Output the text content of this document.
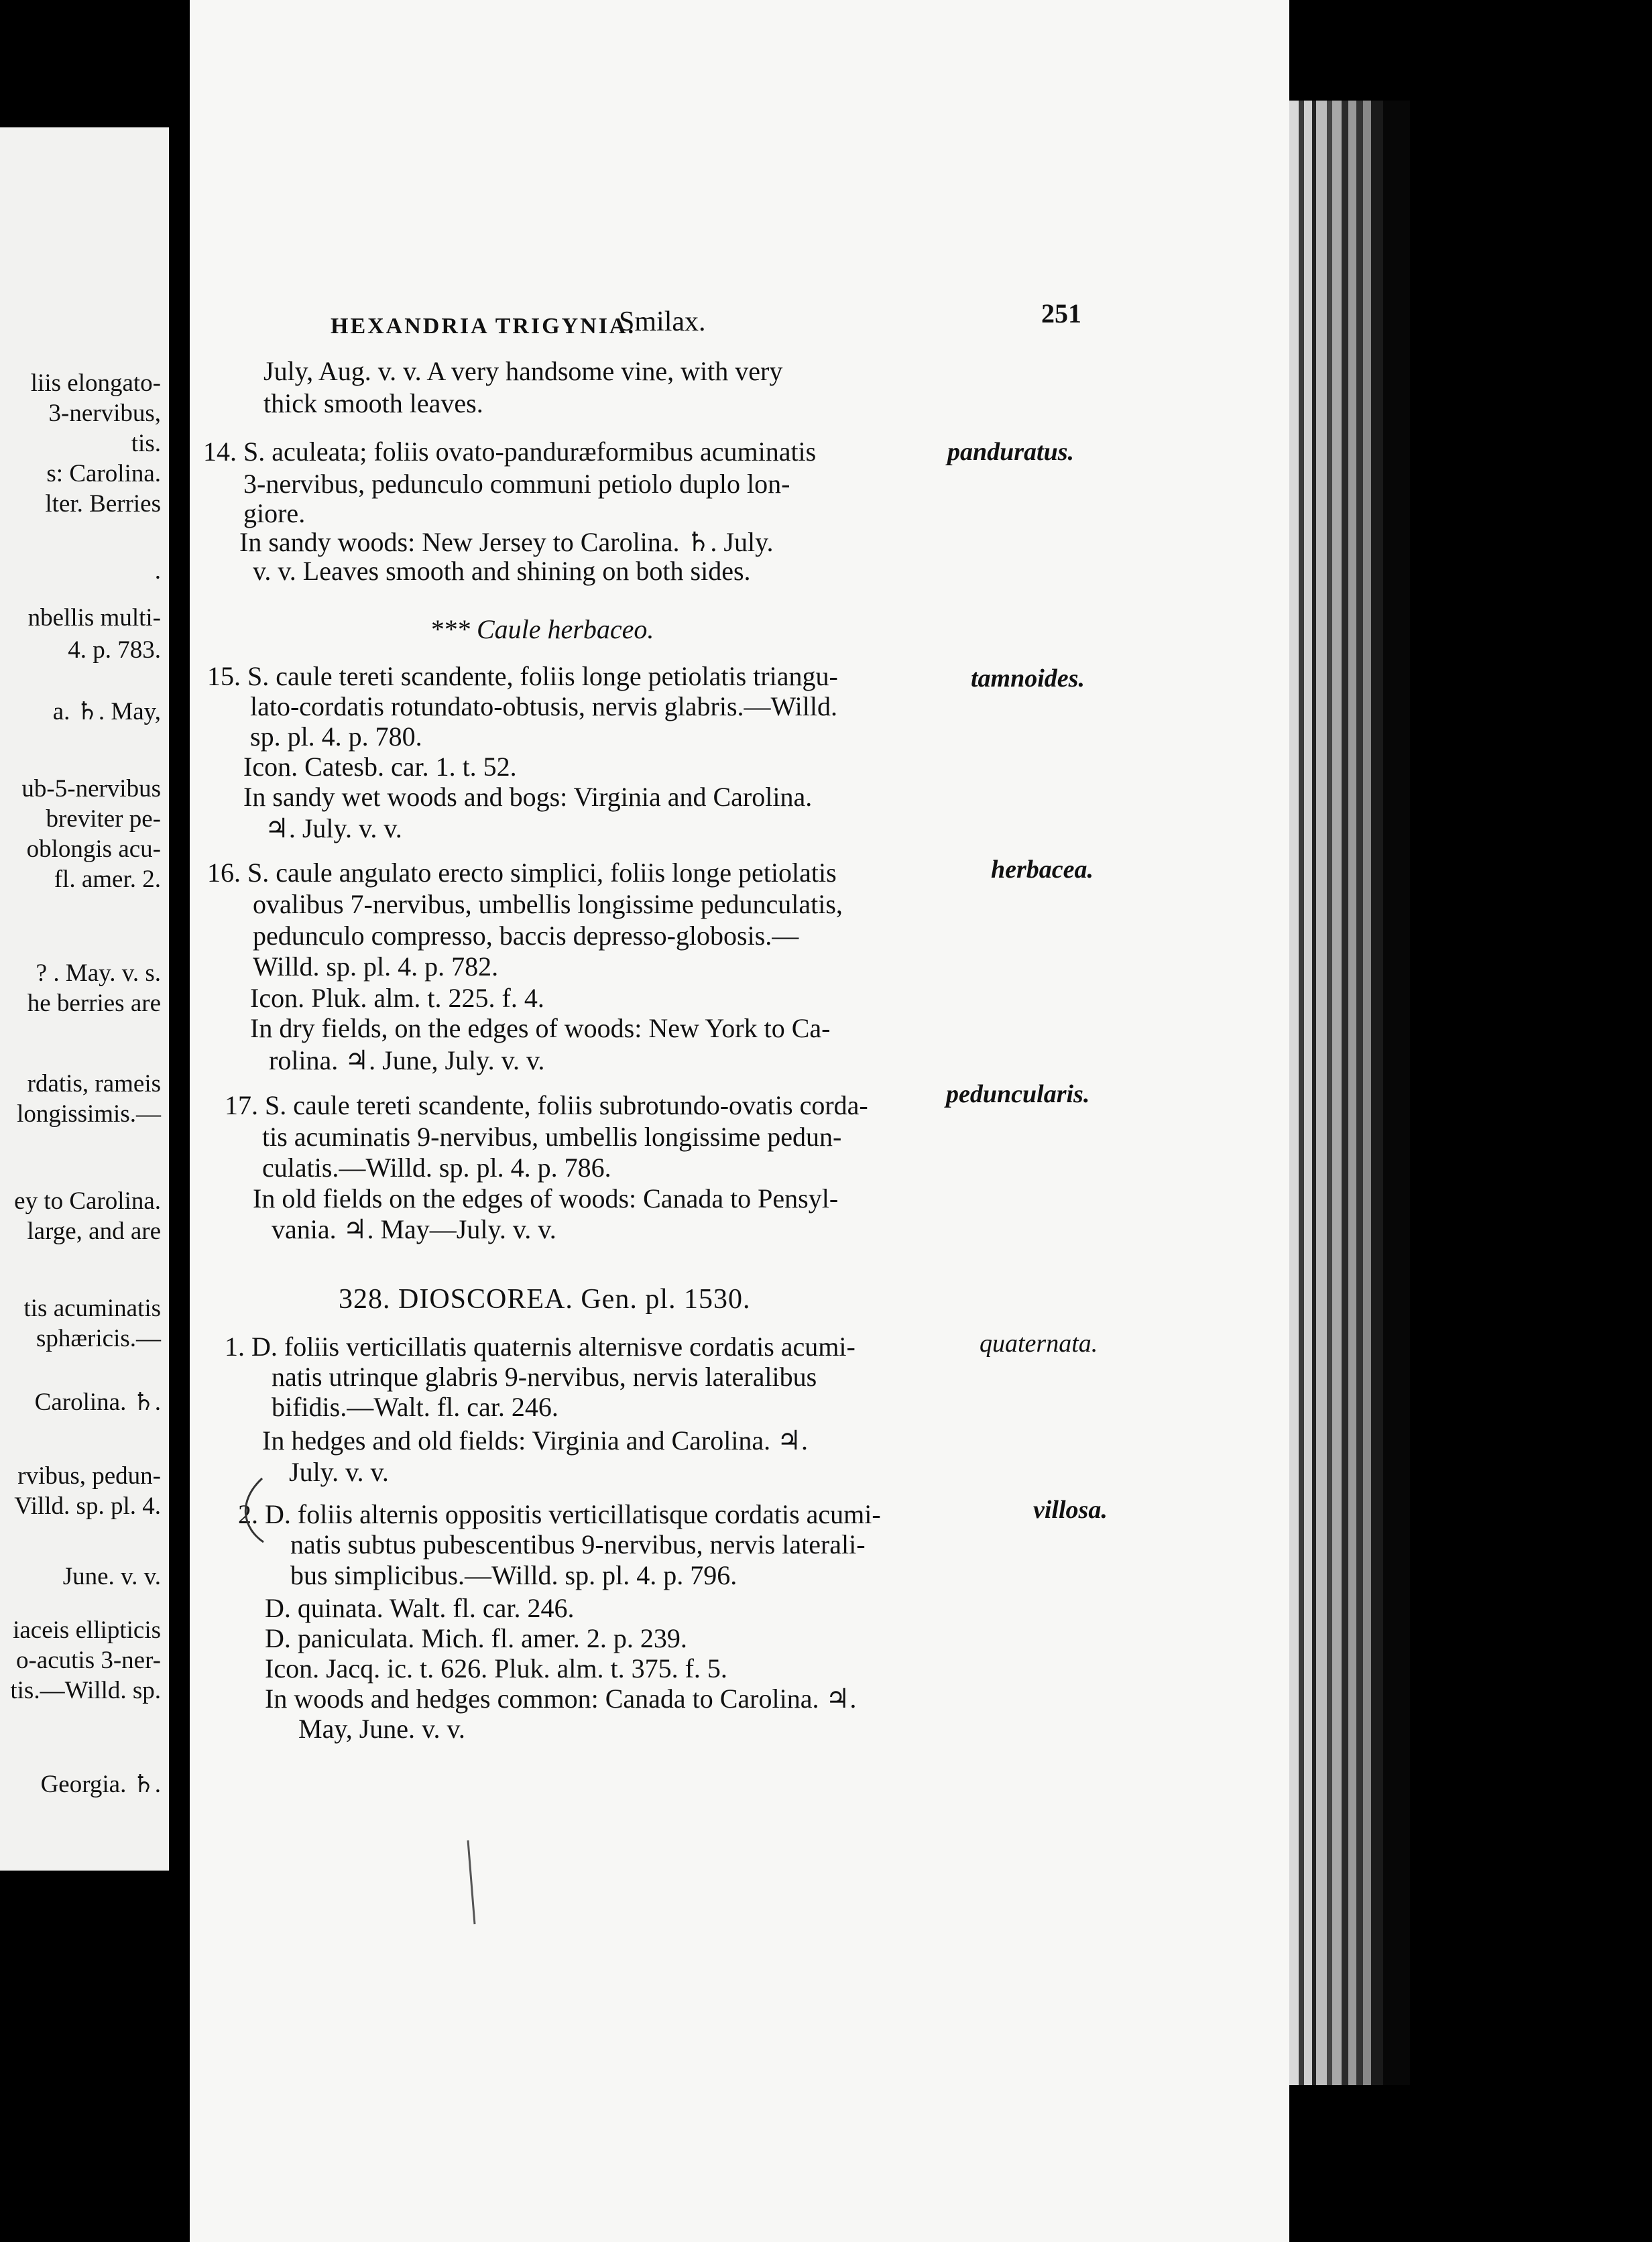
liis elongato-
3-nervibus,
tis.
s: Carolina.
lter. Berries
.
nbellis multi-
4. p. 783.
a. ♄. May,
ub-5-nervibus
breviter pe-
oblongis acu-
fl. amer. 2.
? . May. v. s.
he berries are
rdatis, rameis
longissimis.—
ey to Carolina.
large, and are
tis acuminatis
sphæricis.—
Carolina. ♄.
rvibus, pedun-
Villd. sp. pl. 4.
June. v. v.
iaceis ellipticis
o-acutis 3-ner-
tis.—Willd. sp.
Georgia. ♄.
HEXANDRIA TRIGYNIA.
Smilax.	251
July, Aug. v. v. A very handsome vine, with very
thick smooth leaves.
14. S. aculeata; foliis ovato-panduræformibus acuminatis
3-nervibus, pedunculo communi petiolo duplo lon-
giore.
In sandy woods: New Jersey to Carolina. ♄. July.
v. v. Leaves smooth and shining on both sides.
*** Caule herbaceo.
15. S. caule tereti scandente, foliis longe petiolatis triangu-
lato-cordatis rotundato-obtusis, nervis glabris.—Willd.
sp. pl. 4. p. 780.
Icon. Catesb. car. 1. t. 52.
In sandy wet woods and bogs: Virginia and Carolina.
♃. July. v. v.
16. S. caule angulato erecto simplici, foliis longe petiolatis
ovalibus 7-nervibus, umbellis longissime pedunculatis,
pedunculo compresso, baccis depresso-globosis.—
Willd. sp. pl. 4. p. 782.
Icon. Pluk. alm. t. 225. f. 4.
In dry fields, on the edges of woods: New York to Ca-
rolina. ♃. June, July. v. v.
17. S. caule tereti scandente, foliis subrotundo-ovatis corda-
tis acuminatis 9-nervibus, umbellis longissime pedun-
culatis.—Willd. sp. pl. 4. p. 786.
In old fields on the edges of woods: Canada to Pensyl-
vania. ♃. May—July. v. v.
328. DIOSCOREA. Gen. pl. 1530.
1. D. foliis verticillatis quaternis alternisve cordatis acumi-
natis utrinque glabris 9-nervibus, nervis lateralibus
bifidis.—Walt. fl. car. 246.
In hedges and old fields: Virginia and Carolina. ♃.
July. v. v.
2. D. foliis alternis oppositis verticillatisque cordatis acumi-
natis subtus pubescentibus 9-nervibus, nervis laterali-
bus simplicibus.—Willd. sp. pl. 4. p. 796.
D. quinata. Walt. fl. car. 246.
D. paniculata. Mich. fl. amer. 2. p. 239.
Icon. Jacq. ic. t. 626. Pluk. alm. t. 375. f. 5.
In woods and hedges common: Canada to Carolina. ♃.
May, June. v. v.
panduratus.
tamnoides.
herbacea.
peduncularis.
quaternata.
villosa.
